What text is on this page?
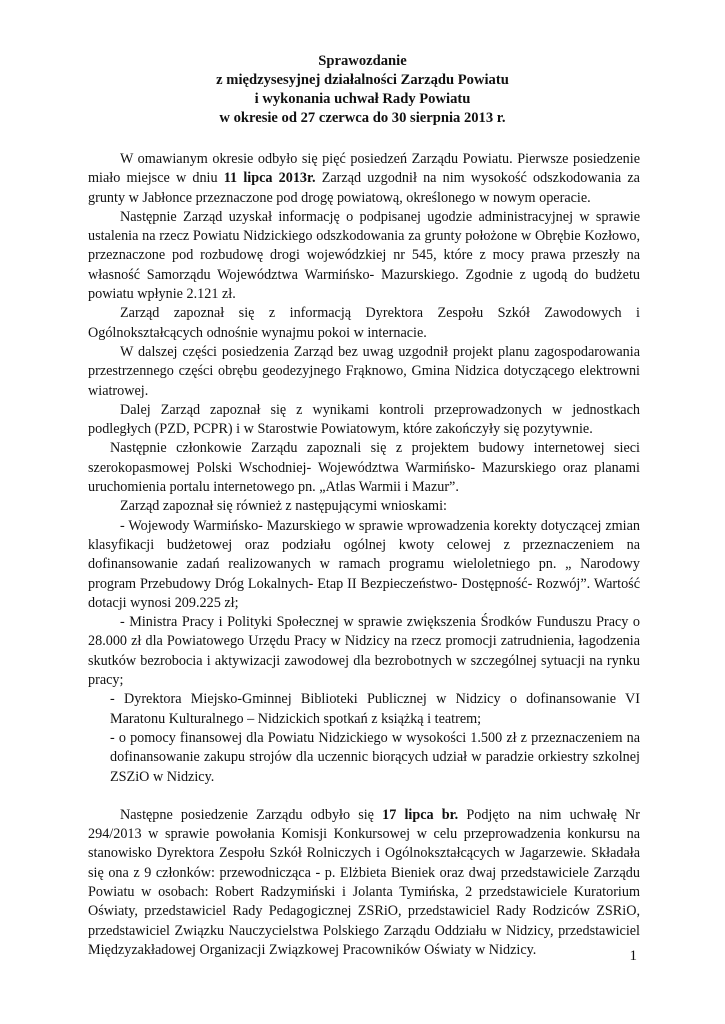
Sprawozdanie
z międzysesyjnej działalności Zarządu Powiatu
i wykonania uchwał Rady Powiatu
w okresie od 27 czerwca do 30 sierpnia 2013 r.

W omawianym okresie odbyło się pięć posiedzeń Zarządu Powiatu. Pierwsze posiedzenie miało miejsce w dniu 11 lipca 2013r. Zarząd uzgodnił na nim wysokość odszkodowania za grunty w Jabłonce przeznaczone pod drogę powiatową, określonego w nowym operacie.

Następnie Zarząd uzyskał informację o podpisanej ugodzie administracyjnej w sprawie ustalenia na rzecz Powiatu Nidzickiego odszkodowania za grunty położone w Obrębie Kozłowo, przeznaczone pod rozbudowę drogi wojewódzkiej nr 545, które z mocy prawa przeszły na własność Samorządu Województwa Warmińsko- Mazurskiego. Zgodnie z ugodą do budżetu powiatu wpłynie 2.121 zł.

Zarząd zapoznał się z informacją Dyrektora Zespołu Szkół Zawodowych i Ogólnokształcących odnośnie wynajmu pokoi w internacie.

W dalszej części posiedzenia Zarząd bez uwag uzgodnił projekt planu zagospodarowania przestrzennego części obrębu geodezyjnego Frąknowo, Gmina Nidzica dotyczącego elektrowni wiatrowej.

Dalej Zarząd zapoznał się z wynikami kontroli przeprowadzonych w jednostkach podległych (PZD, PCPR) i w Starostwie Powiatowym, które zakończyły się pozytywnie.

Następnie członkowie Zarządu zapoznali się z projektem budowy internetowej sieci szerokopasmowej Polski Wschodniej- Województwa Warmińsko- Mazurskiego oraz planami uruchomienia portalu internetowego pn. „Atlas Warmii i Mazur”.

Zarząd zapoznał się również z następującymi wnioskami:

- Wojewody Warmińsko- Mazurskiego w sprawie wprowadzenia korekty dotyczącej zmian klasyfikacji budżetowej oraz podziału ogólnej kwoty celowej z przeznaczeniem na dofinansowanie zadań realizowanych w ramach programu wieloletniego pn. „ Narodowy program Przebudowy Dróg Lokalnych- Etap II Bezpieczeństwo- Dostępność- Rozwój”. Wartość dotacji wynosi 209.225 zł;

- Ministra Pracy i Polityki Społecznej w sprawie zwiększenia Środków Funduszu Pracy o 28.000 zł dla Powiatowego Urzędu Pracy w Nidzicy na rzecz promocji zatrudnienia, łagodzenia skutków bezrobocia i aktywizacji zawodowej dla bezrobotnych w szczególnej sytuacji na rynku pracy;

- Dyrektora Miejsko-Gminnej Biblioteki Publicznej w Nidzicy o dofinansowanie VI Maratonu Kulturalnego – Nidzickich spotkań z książką i teatrem;

- o pomocy finansowej dla Powiatu Nidzickiego w wysokości 1.500 zł z przeznaczeniem na dofinansowanie zakupu strojów dla uczennic biorących udział w paradzie orkiestry szkolnej ZSZiO w Nidzicy.

Następne posiedzenie Zarządu odbyło się 17 lipca br. Podjęto na nim uchwałę Nr 294/2013 w sprawie powołania Komisji Konkursowej w celu przeprowadzenia konkursu na stanowisko Dyrektora Zespołu Szkół Rolniczych i Ogólnokształcących w Jagarzewie. Składała się ona z 9 członków: przewodnicząca - p. Elżbieta Bieniek oraz dwaj przedstawiciele Zarządu Powiatu w osobach: Robert Radzymiński i Jolanta Tymińska, 2 przedstawiciele Kuratorium Oświaty, przedstawiciel Rady Pedagogicznej ZSRiO, przedstawiciel Rady Rodziców ZSRiO, przedstawiciel Związku Nauczycielstwa Polskiego Zarządu Oddziału w Nidzicy, przedstawiciel Międzyzakładowej Organizacji Związkowej Pracowników Oświaty w Nidzicy.	1
